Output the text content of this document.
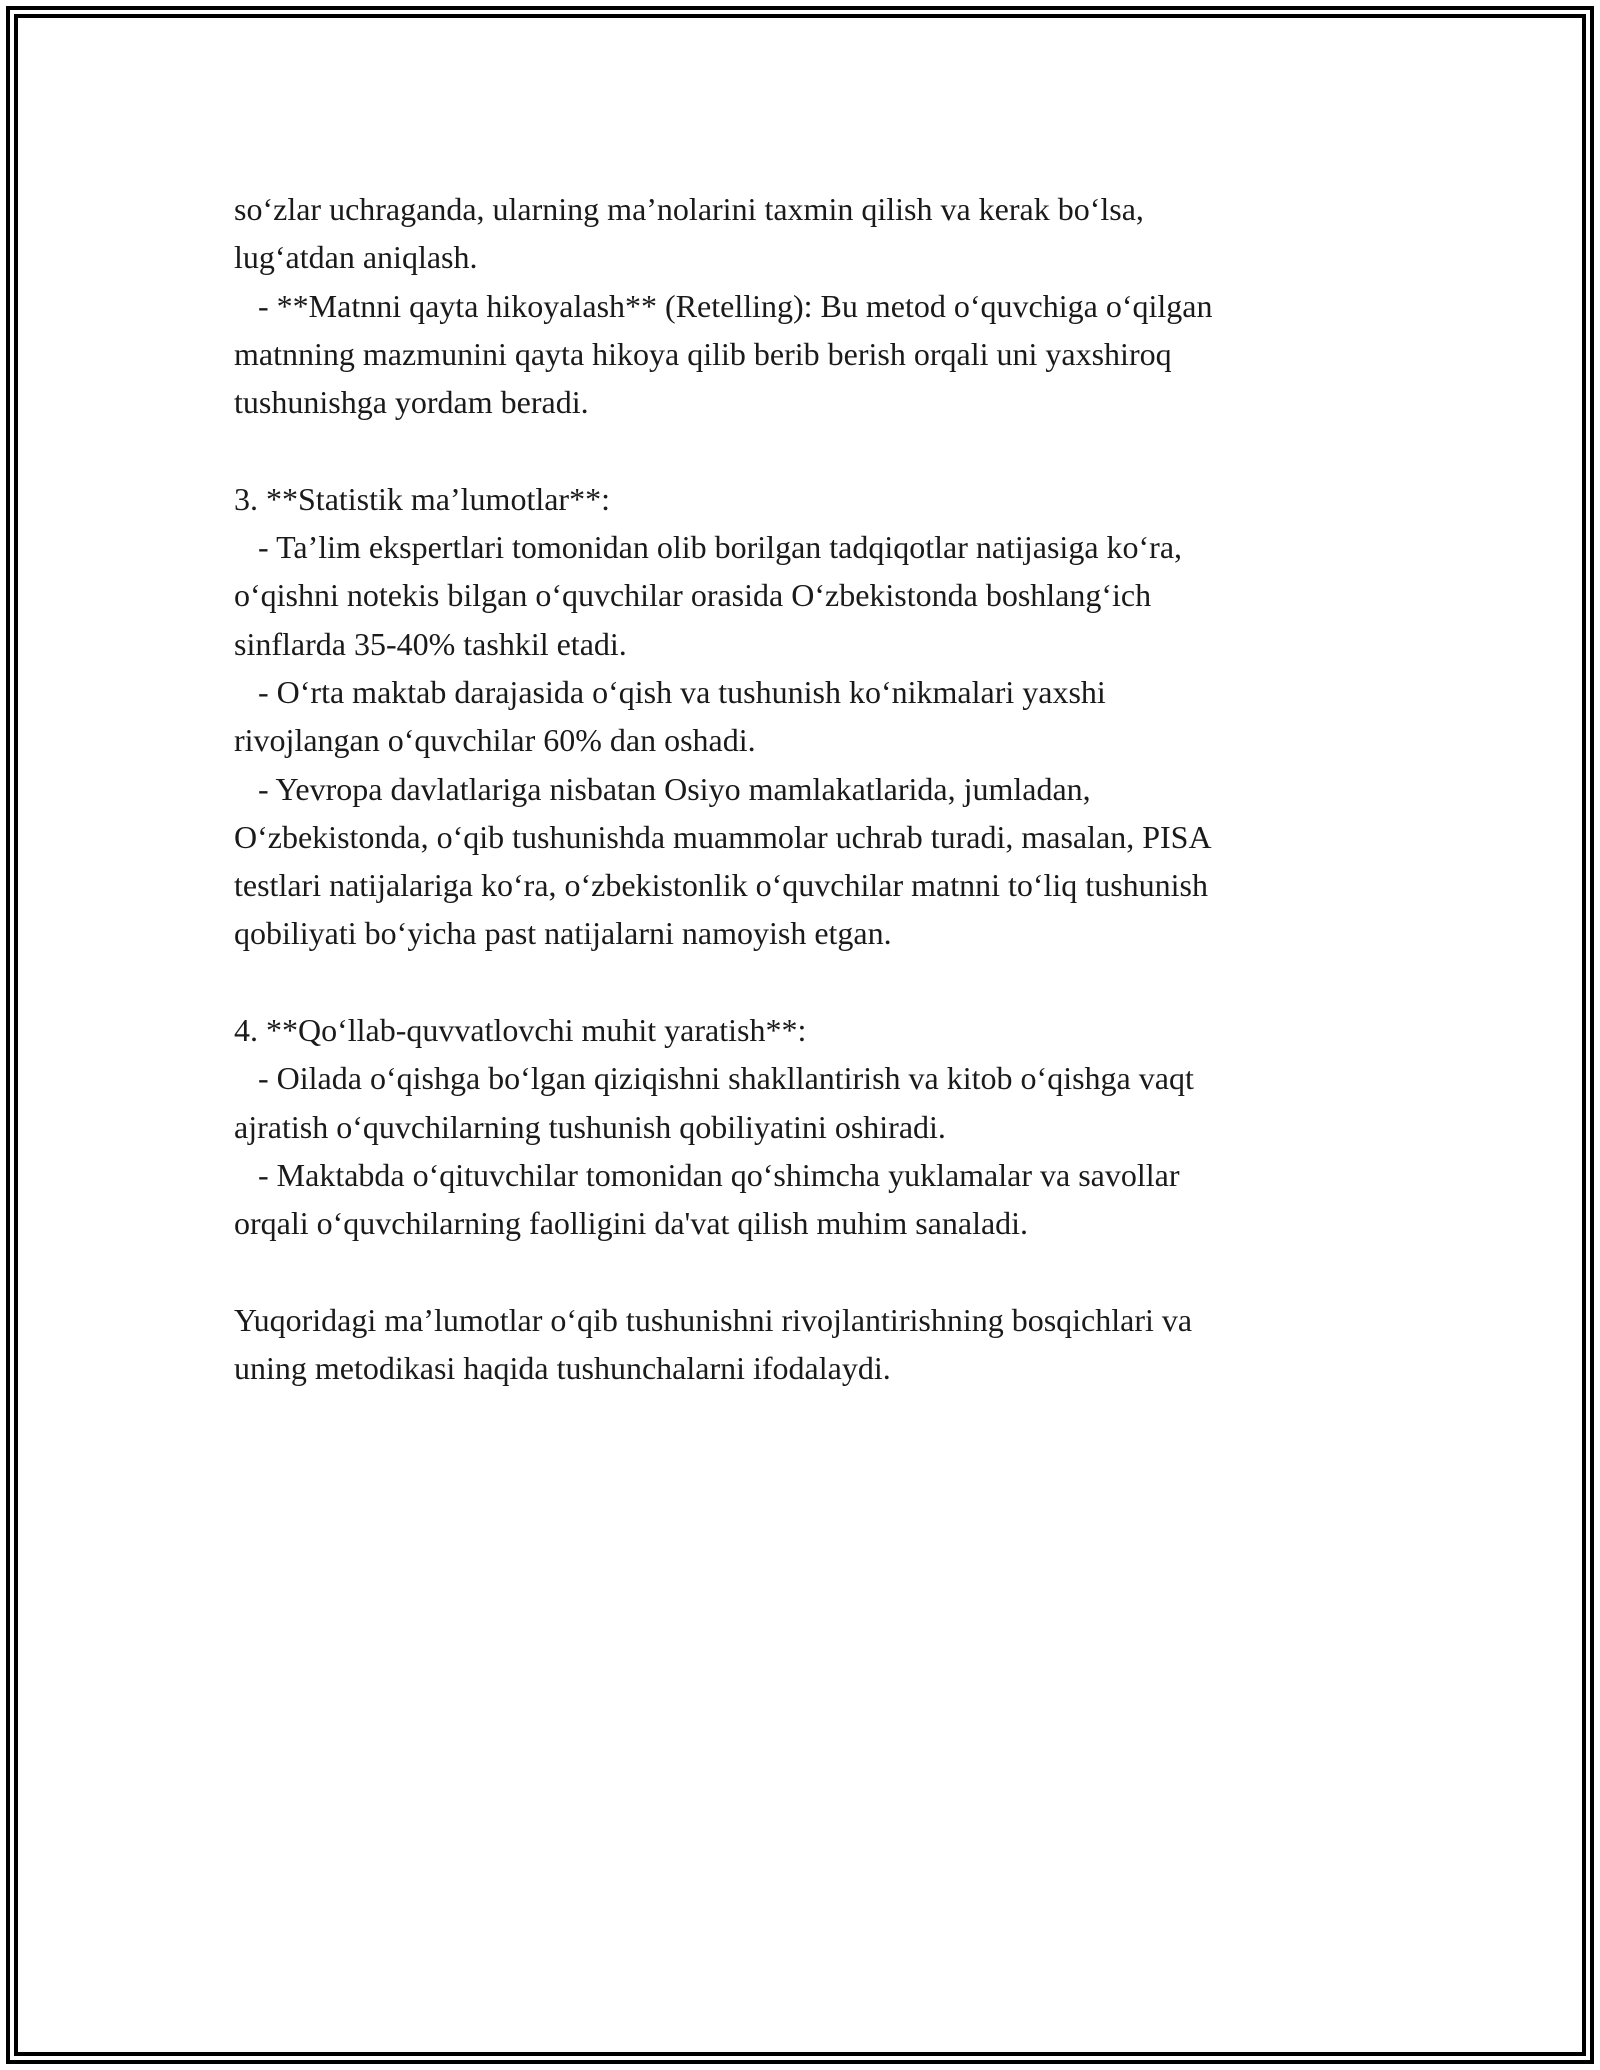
so‘zlar uchraganda, ularning ma’nolarini taxmin qilish va kerak bo‘lsa,
lug‘atdan aniqlash.
- **Matnni qayta hikoyalash** (Retelling): Bu metod o‘quvchiga o‘qilgan
matnning mazmunini qayta hikoya qilib berib berish orqali uni yaxshiroq
tushunishga yordam beradi.
3. **Statistik ma’lumotlar**:
- Ta’lim ekspertlari tomonidan olib borilgan tadqiqotlar natijasiga ko‘ra,
o‘qishni notekis bilgan o‘quvchilar orasida O‘zbekistonda boshlang‘ich
sinflarda 35-40% tashkil etadi.
- O‘rta maktab darajasida o‘qish va tushunish ko‘nikmalari yaxshi
rivojlangan o‘quvchilar 60% dan oshadi.
- Yevropa davlatlariga nisbatan Osiyo mamlakatlarida, jumladan,
O‘zbekistonda, o‘qib tushunishda muammolar uchrab turadi, masalan, PISA
testlari natijalariga ko‘ra, o‘zbekistonlik o‘quvchilar matnni to‘liq tushunish
qobiliyati bo‘yicha past natijalarni namoyish etgan.
4. **Qo‘llab-quvvatlovchi muhit yaratish**:
- Oilada o‘qishga bo‘lgan qiziqishni shakllantirish va kitob o‘qishga vaqt
ajratish o‘quvchilarning tushunish qobiliyatini oshiradi.
- Maktabda o‘qituvchilar tomonidan qo‘shimcha yuklamalar va savollar
orqali o‘quvchilarning faolligini da'vat qilish muhim sanaladi.
Yuqoridagi ma’lumotlar o‘qib tushunishni rivojlantirishning bosqichlari va
uning metodikasi haqida tushunchalarni ifodalaydi.
